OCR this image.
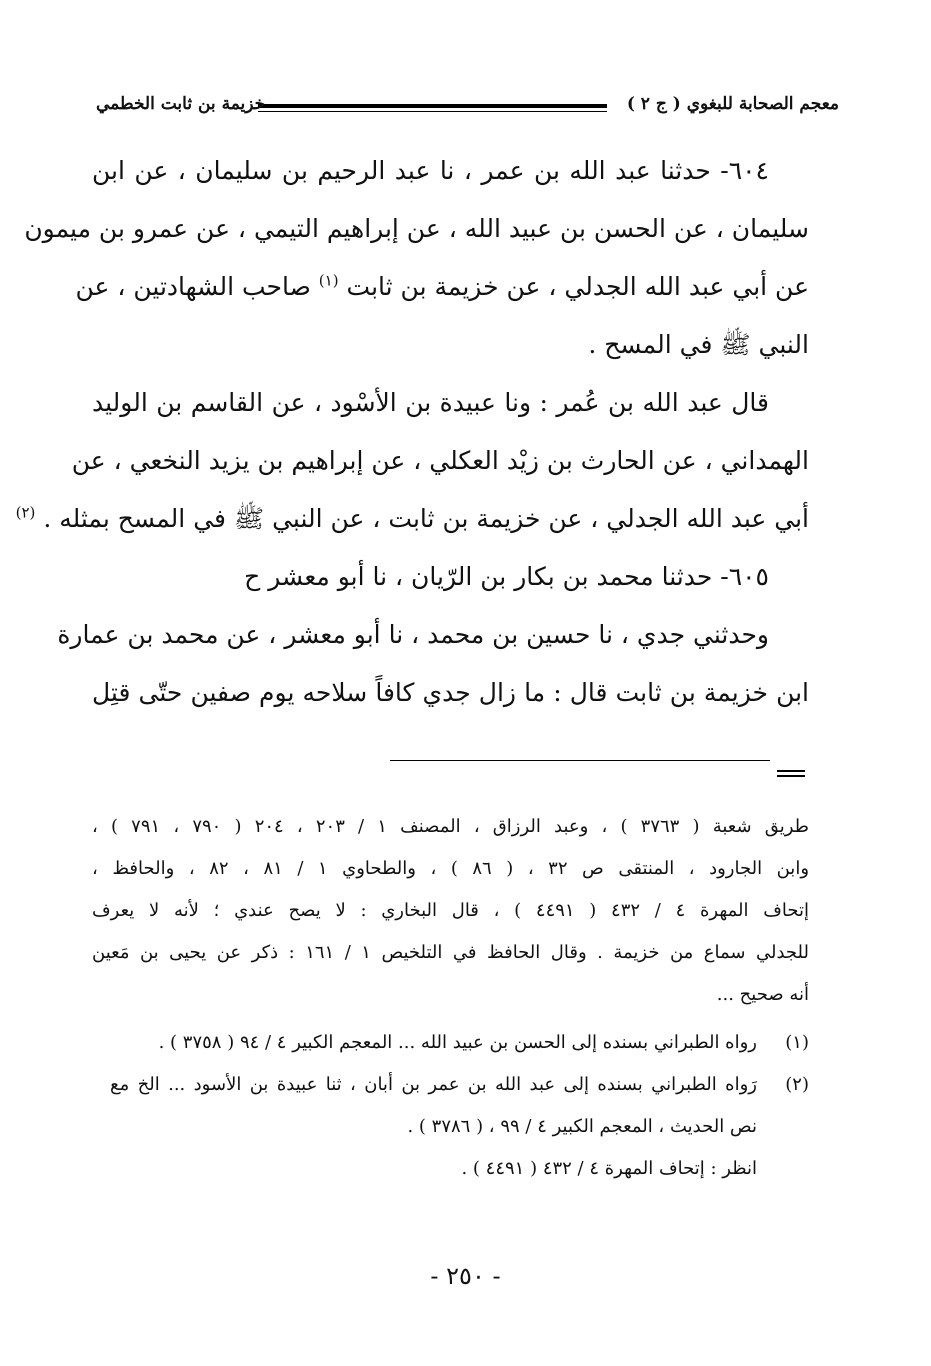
معجم الصحابة للبغوي ( ج ٢ )
خزيمة بن ثابت الخطمي
٦٠٤- حدثنا عبد الله بن عمر ، نا عبد الرحيم بن سليمان ، عن ابن
سليمان ، عن الحسن بن عبيد الله ، عن إبراهيم التيمي ، عن عمرو بن ميمون
عن أبي عبد الله الجدلي ، عن خزيمة بن ثابت $^{(١)}$ صاحب الشهادتين ، عن
النبي ﷺ في المسح .
قال عبد الله بن عُمر : ونا عبيدة بن الأسْود ، عن القاسم بن الوليد
الهمداني ، عن الحارث بن زيْد العكلي ، عن إبراهيم بن يزيد النخعي ، عن
أبي عبد الله الجدلي ، عن خزيمة بن ثابت ، عن النبي ﷺ في المسح بمثله . $^{(٢)}$
٦٠٥- حدثنا محمد بن بكار بن الرّيان ، نا أبو معشر ح
وحدثني جدي ، نا حسين بن محمد ، نا أبو معشر ، عن محمد بن عمارة
ابن خزيمة بن ثابت قال : ما زال جدي كافاً سلاحه يوم صفين حتّى قتِل
طريق شعبة ( ٣٧٦٣ ) ، وعبد الرزاق ، المصنف ١ / ٢٠٣ ، ٢٠٤ ( ٧٩٠ ، ٧٩١ ) ،
وابن الجارود ، المنتقى ص ٣٢ ، ( ٨٦ ) ، والطحاوي ١ / ٨١ ، ٨٢ ، والحافظ ،
إتحاف المهرة ٤ / ٤٣٢ ( ٤٤٩١ ) ، قال البخاري : لا يصح عندي ؛ لأنه لا يعرف
للجدلي سماع من خزيمة . وقال الحافظ في التلخيص ١ / ١٦١ : ذكر عن يحيى بن مَعين
أنه صحيح ...
(١)
رواه الطبراني بسنده إلى الحسن بن عبيد الله ... المعجم الكبير ٤ / ٩٤ ( ٣٧٥٨ ) .
(٢)
رَواه الطبراني بسنده إلى عبد الله بن عمر بن أبان ، ثنا عبيدة بن الأسود ... الخ مع
نص الحديث ، المعجم الكبير ٤ / ٩٩ ، ( ٣٧٨٦ ) .
انظر : إتحاف المهرة ٤ / ٤٣٢ ( ٤٤٩١ ) .
- ٢٥٠ -
